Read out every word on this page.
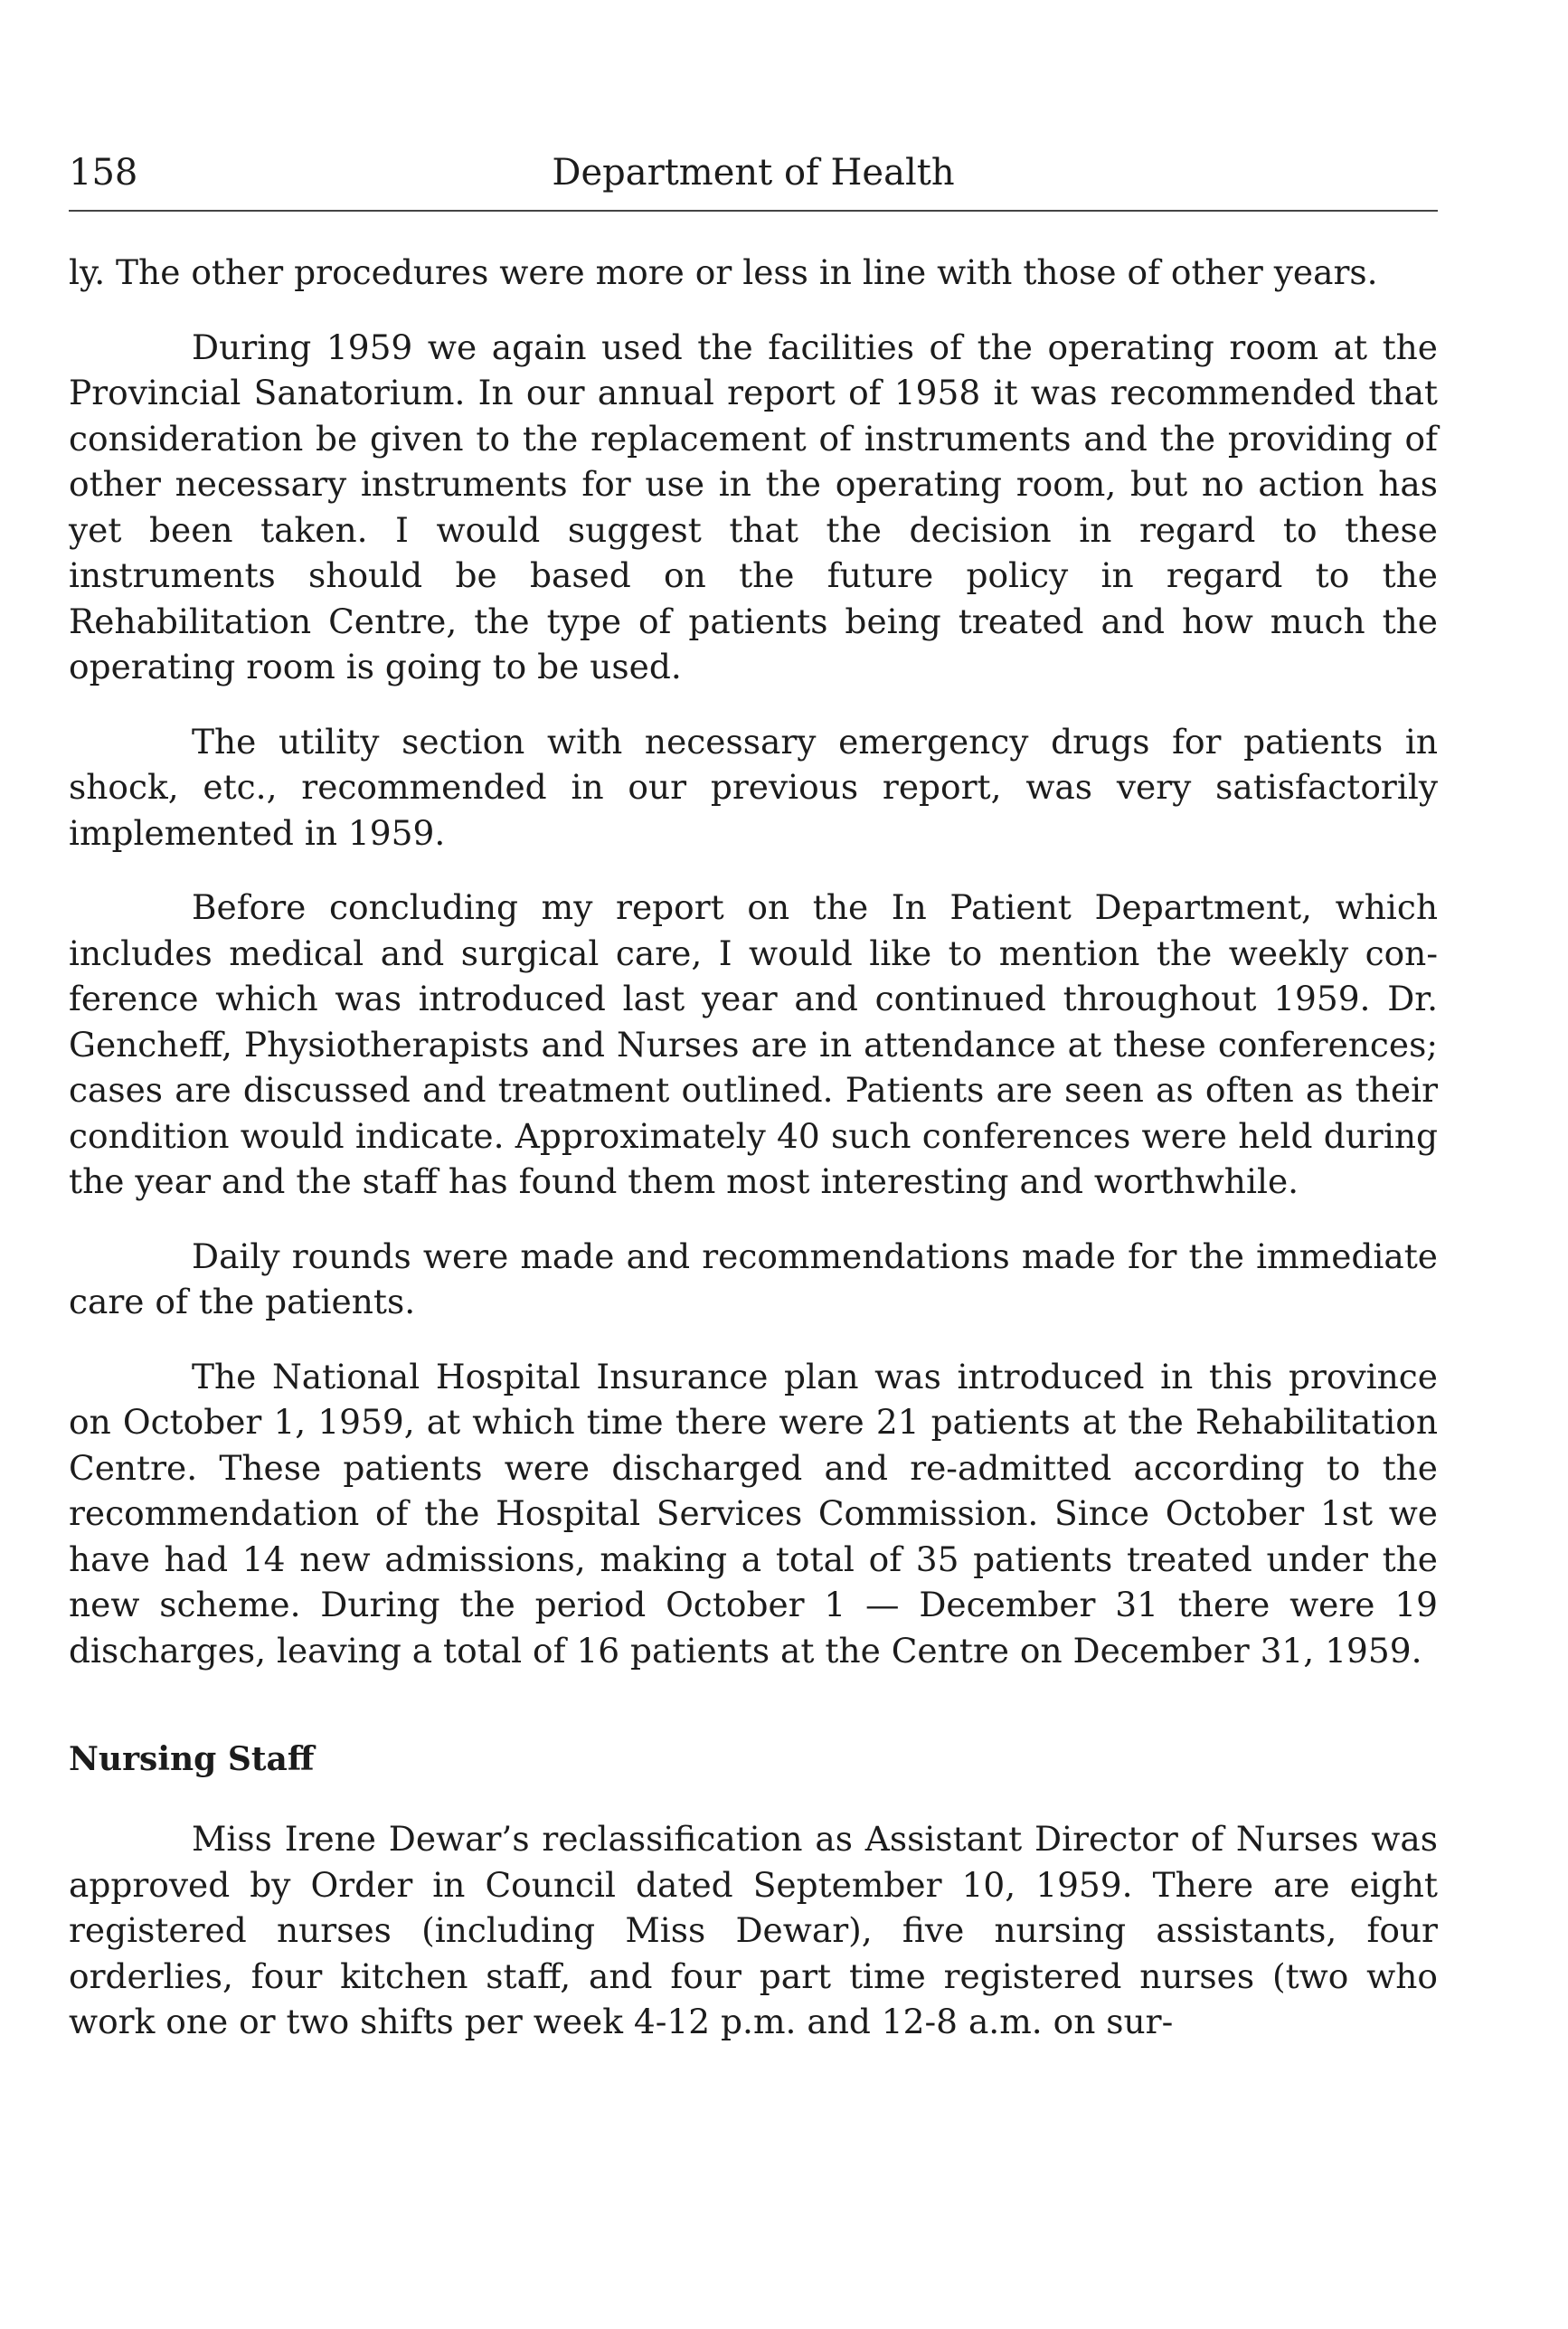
158	Department of Health

ly. The other procedures were more or less in line with those of other years.

During 1959 we again used the facilities of the operating room at the Provincial Sanatorium. In our annual report of 1958 it was recommended that consideration be given to the replacement of instruments and the providing of other necessary instruments for use in the operating room, but no action has yet been taken. I would suggest that the decision in regard to these instruments should be based on the future policy in regard to the Rehabilitation Centre, the type of patients being treated and how much the operating room is going to be used.

The utility section with necessary emergency drugs for patients in shock, etc., recommended in our previous report, was very satisfactorily implemented in 1959.

Before concluding my report on the In Patient Department, which includes medical and surgical care, I would like to mention the weekly conference which was introduced last year and continued throughout 1959. Dr. Gencheff, Physiotherapists and Nurses are in attendance at these conferences; cases are discussed and treatment outlined. Patients are seen as often as their condition would indicate. Approximately 40 such conferences were held during the year and the staff has found them most interesting and worthwhile.

Daily rounds were made and recommendations made for the immediate care of the patients.

The National Hospital Insurance plan was introduced in this province on October 1, 1959, at which time there were 21 patients at the Rehabilitation Centre. These patients were discharged and re-admitted according to the recommendation of the Hospital Services Commission. Since October 1st we have had 14 new admissions, making a total of 35 patients treated under the new scheme. During the period October 1 — December 31 there were 19 discharges, leaving a total of 16 patients at the Centre on December 31, 1959.

Nursing Staff

Miss Irene Dewar’s reclassification as Assistant Director of Nurses was approved by Order in Council dated September 10, 1959. There are eight registered nurses (including Miss Dewar), five nursing assistants, four orderlies, four kitchen staff, and four part time registered nurses (two who work one or two shifts per week 4-12 p.m. and 12-8 a.m. on sur-
